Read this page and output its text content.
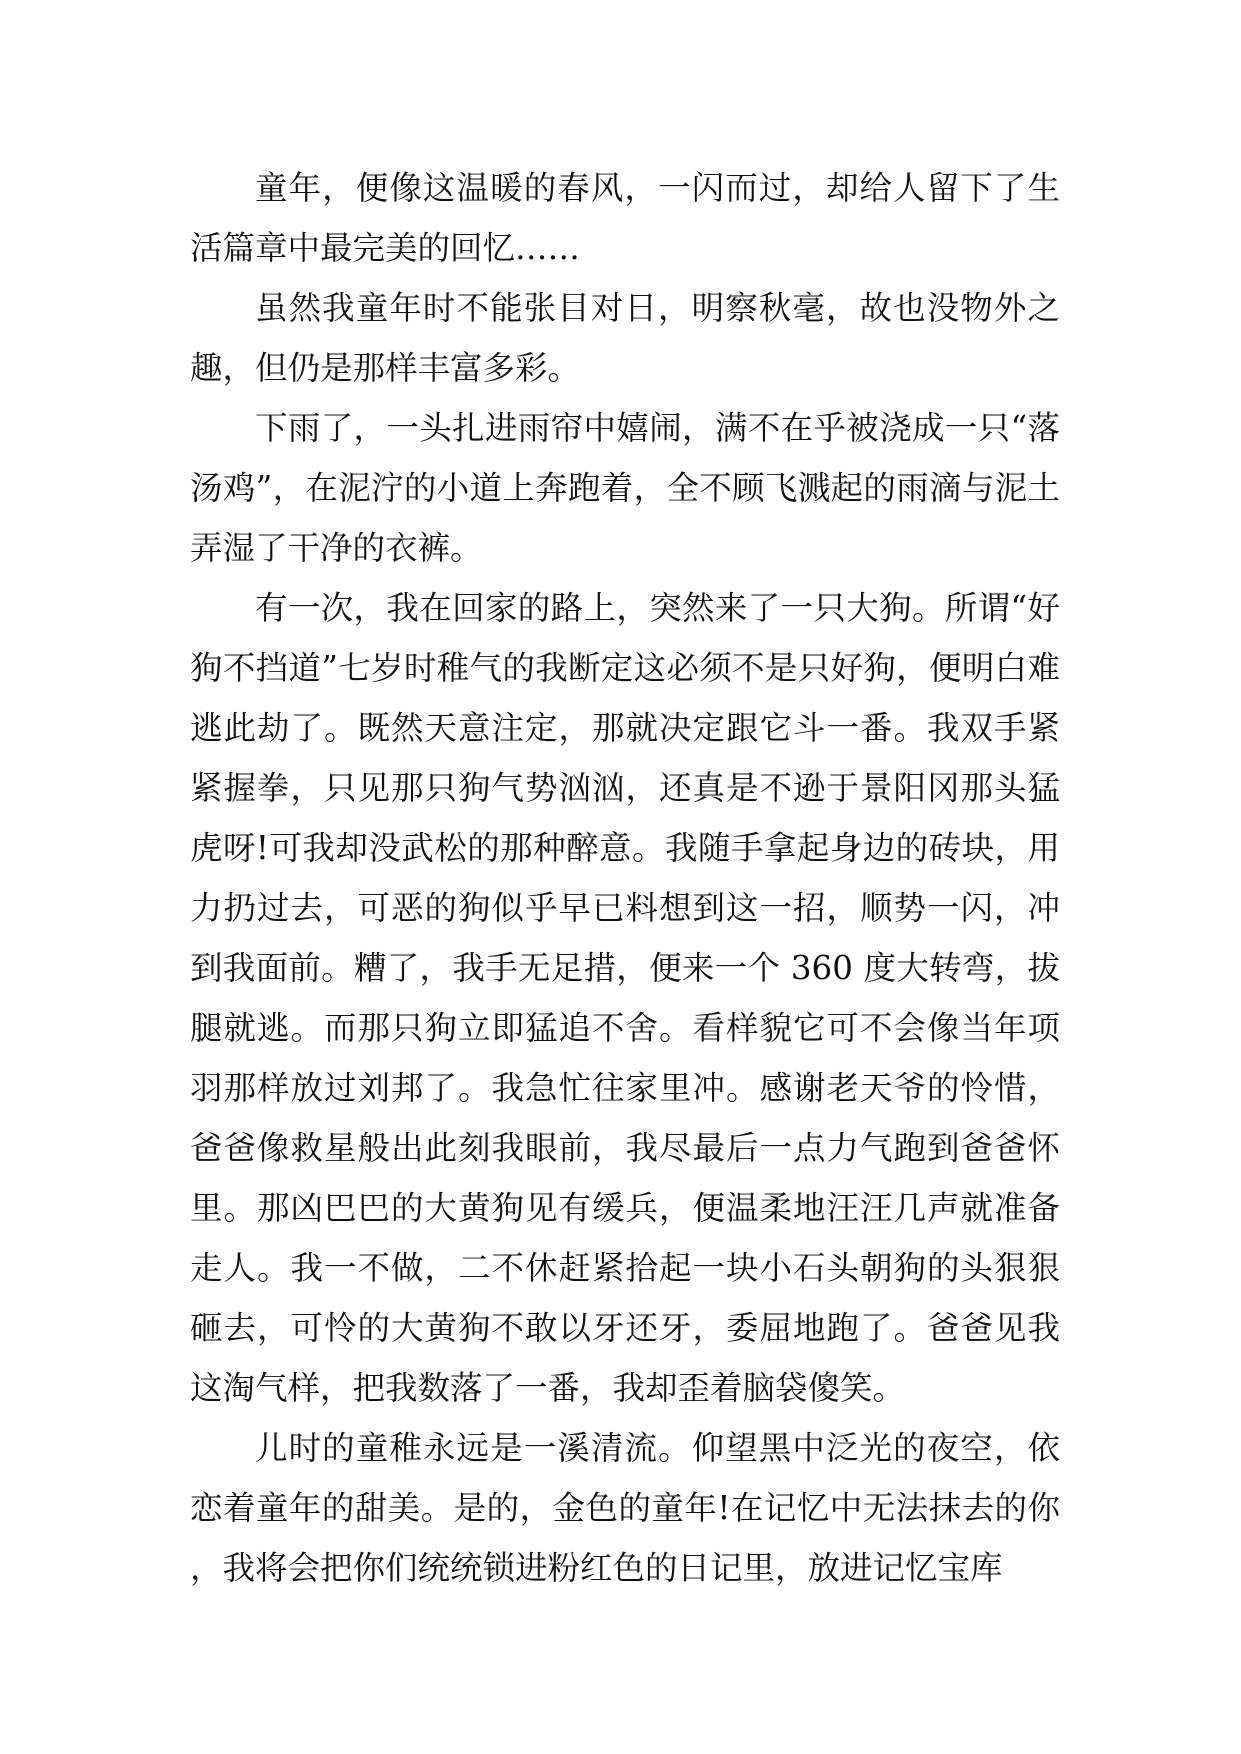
童年，便像这温暖的春风，一闪而过，却给人留下了生活篇章中最完美的回忆……

虽然我童年时不能张目对日，明察秋毫，故也没物外之趣，但仍是那样丰富多彩。

下雨了，一头扎进雨帘中嬉闹，满不在乎被浇成一只“落汤鸡”，在泥泞的小道上奔跑着，全不顾飞溅起的雨滴与泥土弄湿了干净的衣裤。

有一次，我在回家的路上，突然来了一只大狗。所谓“好狗不挡道”七岁时稚气的我断定这必须不是只好狗，便明白难逃此劫了。既然天意注定，那就决定跟它斗一番。我双手紧紧握拳，只见那只狗气势汹汹，还真是不逊于景阳冈那头猛虎呀!可我却没武松的那种醉意。我随手拿起身边的砖块，用力扔过去，可恶的狗似乎早已料想到这一招，顺势一闪，冲到我面前。糟了，我手无足措，便来一个 360 度大转弯，拔腿就逃。而那只狗立即猛追不舍。看样貌它可不会像当年项羽那样放过刘邦了。我急忙往家里冲。感谢老天爷的怜惜，爸爸像救星般出此刻我眼前，我尽最后一点力气跑到爸爸怀里。那凶巴巴的大黄狗见有缓兵，便温柔地汪汪几声就准备走人。我一不做，二不休赶紧拾起一块小石头朝狗的头狠狠砸去，可怜的大黄狗不敢以牙还牙，委屈地跑了。爸爸见我这淘气样，把我数落了一番，我却歪着脑袋傻笑。

儿时的童稚永远是一溪清流。仰望黑中泛光的夜空，依恋着童年的甜美。是的，金色的童年!在记忆中无法抹去的你，我将会把你们统统锁进粉红色的日记里，放进记忆宝库
